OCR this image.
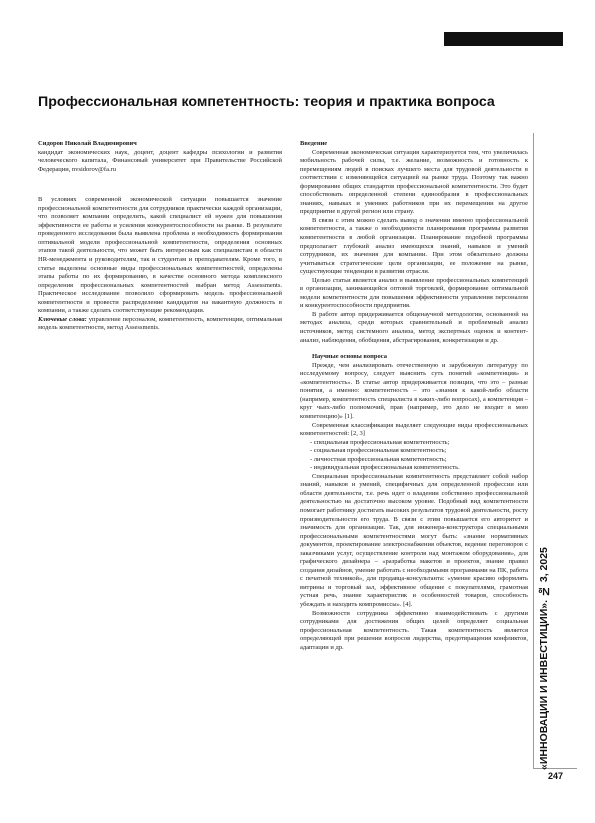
Профессиональная компетентность: теория и практика вопроса
Сидоров Николай Владимирович
кандидат экономических наук, доцент, доцент кафедры психологии и развития человеческого капитала, Финансовый университет при Правительстве Российской Федерации, nvsidorov@fa.ru

В условиях современной экономической ситуации повышается значение профессиональной компетентности для сотрудников практически каждой организации, что позволяет компании определить, какой специалист ей нужен для повышения эффективности ее работы и усиления конкурентоспособности на рынке. В результате проведенного исследования была выявлена проблема и необходимость формирования оптимальной модели профессиональной компетентности, определения основных этапов такой деятельности, что может быть интересным как специалистам в области HR-менеджмента и руководителям, так и студентам и преподавателям. Кроме того, в статье выделены основные виды профессиональных компетентностей, определены этапы работы по их формированию, в качестве основного метода комплексного определения профессиональных компетентностей выбран метод Assessments. Практическое исследование позволило сформировать модель профессиональной компетентности и провести распределение кандидатов на вакантную должность в компании, а также сделать соответствующие рекомендации.

Ключевые слова: управление персоналом, компетентность, компетенции, оптимальная модель компетентности, метод Assessments.

Введение

Современная экономическая ситуация характеризуется тем, что увеличилась мобильность рабочей силы, т.е. желание, возможность и готовность к перемещениям людей в поисках лучшего места для трудовой деятельности в соответствии с изменяющейся ситуацией на рынке труда. Поэтому так важно формирование общих стандартов профессиональной компетентности. Это будет способствовать определенной степени единообразия в профессиональных знаниях, навыках и умениях работников при их перемещении на другое предприятие в другой регион или страну.

В связи с этим можно сделать вывод о значении именно профессиональной компетентности, а также о необходимости планирования программы развития компетентности в любой организации. Планирование подобной программы предполагает глубокий анализ имеющихся знаний, навыков и умений сотрудников, их значения для компании. При этом обязательно должны учитываться стратегические цели организации, ее положение на рынке, существующие тенденции в развитии отрасли.

Целью статьи является анализ и выявление профессиональных компетенций в организации, занимающейся оптовой торговлей, формирование оптимальной модели компетентности для повышения эффективности управления персоналом и конкурентоспособности предприятия.

В работе автор придерживается общенаучной методологии, основанной на методах анализа, среди которых сравнительный и проблемный анализ источников, метод системного анализа, метод экспертных оценок и контент-анализ, наблюдения, обобщения, абстрагирования, конкретизации и др.

Научные основы вопроса

Прежде, чем анализировать отечественную и зарубежную литературу по исследуемому вопросу, следует выяснить суть понятий «компетенция» и «компетентность». В статье автор придерживается позиции, что это – разные понятия, а именно: компетентность – это «знания к какой-либо области (например, компетентность специалиста в каких-либо вопросах), а компетенция – круг чьих-либо полномочий, прав (например, это дело не входит в мою компетенцию)» [1].

Современная классификация выделяет следующие виды профессиональных компетентностей: [2, 3]

- специальная профессиональная компетентность;

- социальная профессиональная компетентность;

- личностная профессиональная компетентность;

- индивидуальная профессиональная компетентность.

Специальная профессиональная компетентность представляет собой набор знаний, навыков и умений, специфичных для определенной профессии или области деятельности, т.е. речь идет о владении собственно профессиональной деятельностью на достаточно высоком уровне. Подобный вид компетентности помогает работнику достигать высоких результатов трудовой деятельности, росту производительности его труда. В связи с этим повышается его авторитет и значимость для организации. Так, для инженера-конструктора специальными профессиональными компетентностями могут быть: «знание нормативных документов, проектирование электроснабжения объектов, ведение переговоров с заказчиками услуг, осуществление контроля над монтажом оборудования», для графического дизайнера – «разработка макетов и проектов, знание правил создания дизайнов, умение работать с необходимыми программами на ПК, работа с печатной техникой», для продавца-консультанта: «умение красиво оформлять витрины и торговый зал, эффективное общение с покупателями, грамотная устная речь, знание характеристик и особенностей товаров, способность убеждать и находить компромиссы». [4].

Возможности сотрудника эффективно взаимодействовать с другими сотрудниками для достижения общих целей определяет социальная профессиональная компетентность. Такая компетентность является определяющей при решении вопросов лидерства, предотвращения конфликтов, адаптации и др.	«ИННОВАЦИИ И ИНВЕСТИЦИИ». № 3, 2025
247
